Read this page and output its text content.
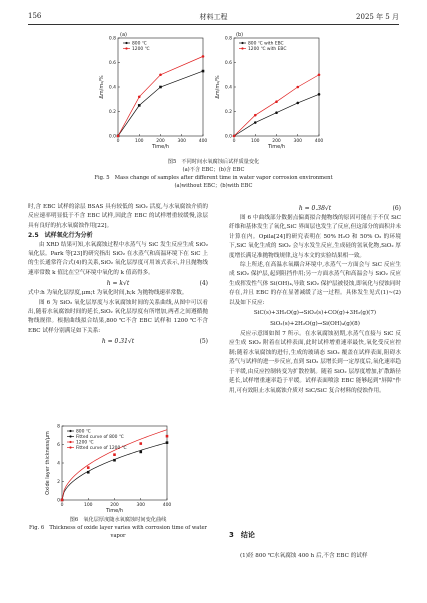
156	材料工程	2025 年 5 月
0	100	200	300	400
0.0
0.2
0.4
0.6
0.8
Time/h
Δm/m₀/%
800 ℃
1200 ℃
(a)
0	100	200	300	400
0.0
0.2
0.4
0.6
0.8
Time/h
Δm/m₀/%
800 ℃ with EBC
1200 ℃ with EBC
(b)
图5　不同时间水氧腐蚀后试样质量变化
(a)不含 EBC；(b)含 EBC
Fig. 5　Mass change of samples after different time in water vapor corrosion environment
(a)without EBC；(b)with EBC

时,含 EBC 试样的涂层 BSAS 具有较低的 SiO₂ 活度,与水氧腐蚀介质的反应速率明显低于不含 EBC 试样,因此含 EBC 的试样增重较缓慢,涂层具有良好的抗水氧腐蚀作用[22]。

2.5　试样氧化行为分析

由 XRD 结果可知,水氧腐蚀过程中水蒸气与 SiC 发生反应生成 SiO₂ 氧化层。Park 等[23]的研究指出 SiO₂ 在水蒸气和高温环境下在 SiC 上的生长通常符合式(4)的关系,SiO₂ 氧化层厚度可用该式表示,并且抛物线速率常数 k 值比在空气环境中氧化的 k 值高得多。

h = k√t	(4)

式中:h 为氧化层厚度,μm;t 为氧化时间,h;k 为抛物线速率常数。

图 6 为 SiO₂ 氧化层厚度与水氧腐蚀时间的关系曲线,从图中可以看出,随着水氧腐蚀时间的延长,SiO₂ 氧化层厚度有所增加,两者之间遵循抛物线规律。根据曲线拟合结果,800 ℃不含 EBC 试样和 1200 ℃不含 EBC 试样分别满足如下关系:

h = 0.31√t	(5)
0	100	200	300	400
0
2
4
6
8
Time/h
Oxide layer thickness/μm	800 ℃
Fitted curve of 800 ℃
1200 ℃
Fitted curve of 1200 ℃
图6　氧化层厚度随水氧腐蚀时间变化曲线
Fig. 6　Thickness of oxide layer varies with corrosion time of water vapor
h = 0.38√t	(6)

图 6 中曲线部分数据点偏离拟合抛物线的原因可能在于不仅 SiC 纤维和基体发生了氧化,SiC 界面层也发生了反应,但这部分的面积并未计算在内。Opila[24]的研究表明在 50% H₂O 和 50% O₂ 的环境下,SiC 氧化生成的 SiO₂ 会与水发生反应,生成硅的氢氧化物,SiO₂ 厚度增长满足准抛物线规律,这与本文的实验结果相一致。

综上所述,在高温水氧耦合环境中,水蒸气一方面会与 SiC 反应生成 SiO₂ 保护层,起到阻挡作用;另一方面水蒸气和高温会与 SiO₂ 反应生成挥发性气体 Si(OH)₄,导致 SiO₂ 保护层被侵蚀,即氧化与侵蚀同时存在,并且 EBC 的存在显著减缓了这一过程。具体发生见式(1)~(2)以及如下反应:

SiC(s)+3H₂O(g)→SiO₂(s)+CO(g)+3H₂(g)(7)
SiO₂(s)+2H₂O(g)→Si(OH)₄(g)(8)

反应示意图如图 7 所示。在水氧腐蚀初期,水蒸气直接与 SiC 反应生成 SiO₂ 附着在试样表面,此时试样增重速率最快,氧化受反应控制;随着水氧腐蚀的进行,生成的玻璃态 SiO₂ 覆盖在试样表面,阻碍水蒸气与试样的进一步反应,直到 SiO₂ 层增长到一定厚度后,氧化速率趋于平缓,由反应控制转变为扩散控制。随着 SiO₂ 层厚度增加,扩散路径延长,试样增重速率趋于平缓。试样表面喷涂 EBC 能够起到"屏障"作用,可有效阻止水氧腐蚀介质对 SiC/SiC 复合材料的侵蚀作用。

3　结论
(1)经 800 ℃水氧腐蚀 400 h 后,不含 EBC 的试样
